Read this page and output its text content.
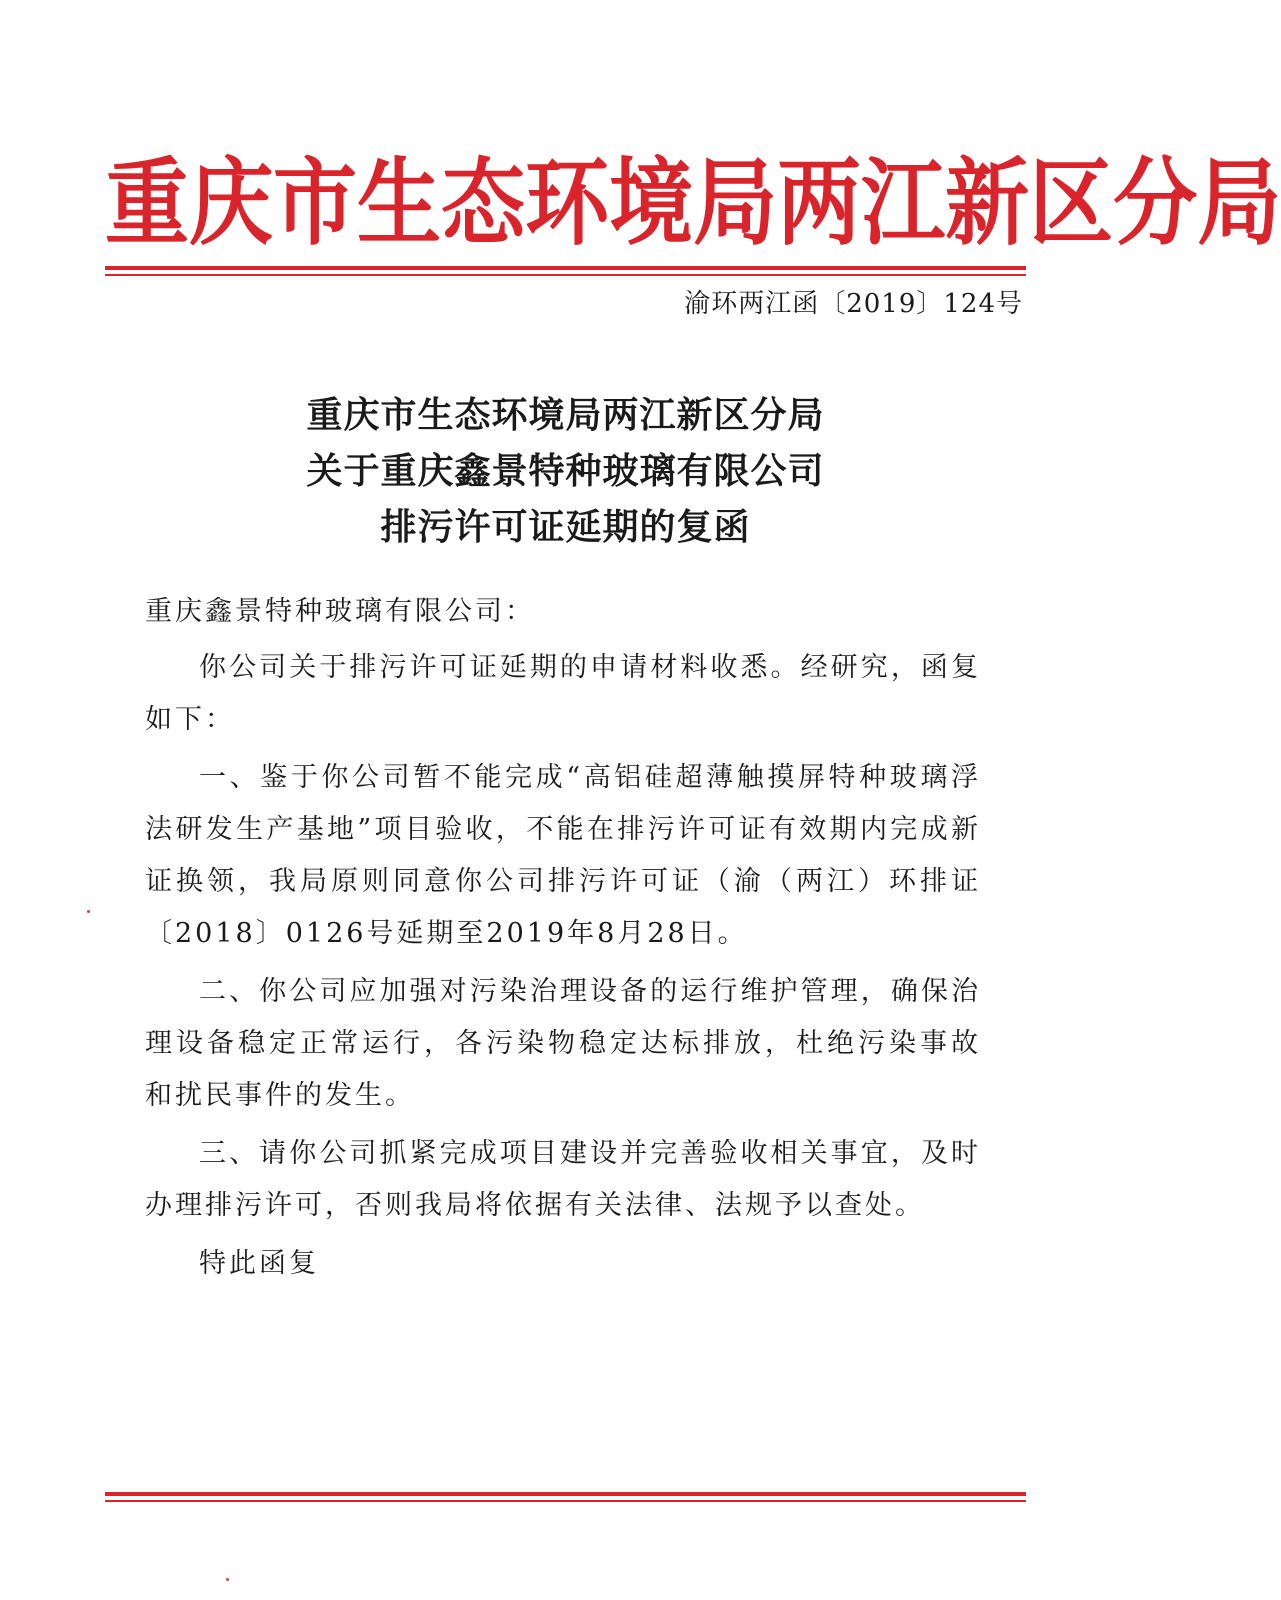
重 庆 市 生 态 环 境 局 两 江 新 区 分 局
渝环两江函〔2019〕124号
重庆市生态环境局两江新区分局
关于重庆鑫景特种玻璃有限公司
排污许可证延期的复函

重庆鑫景特种玻璃有限公司：

你公司关于排污许可证延期的申请材料收悉。经研究，函复如下：

一、鉴于你公司暂不能完成“高铝硅超薄触摸屏特种玻璃浮法研发生产基地”项目验收，不能在排污许可证有效期内完成新证换领，我局原则同意你公司排污许可证（渝（两江）环排证〔2018〕0126号延期至2019年8月28日。

二、你公司应加强对污染治理设备的运行维护管理，确保治理设备稳定正常运行，各污染物稳定达标排放，杜绝污染事故和扰民事件的发生。

三、请你公司抓紧完成项目建设并完善验收相关事宜，及时办理排污许可，否则我局将依据有关法律、法规予以查处。

特此函复
